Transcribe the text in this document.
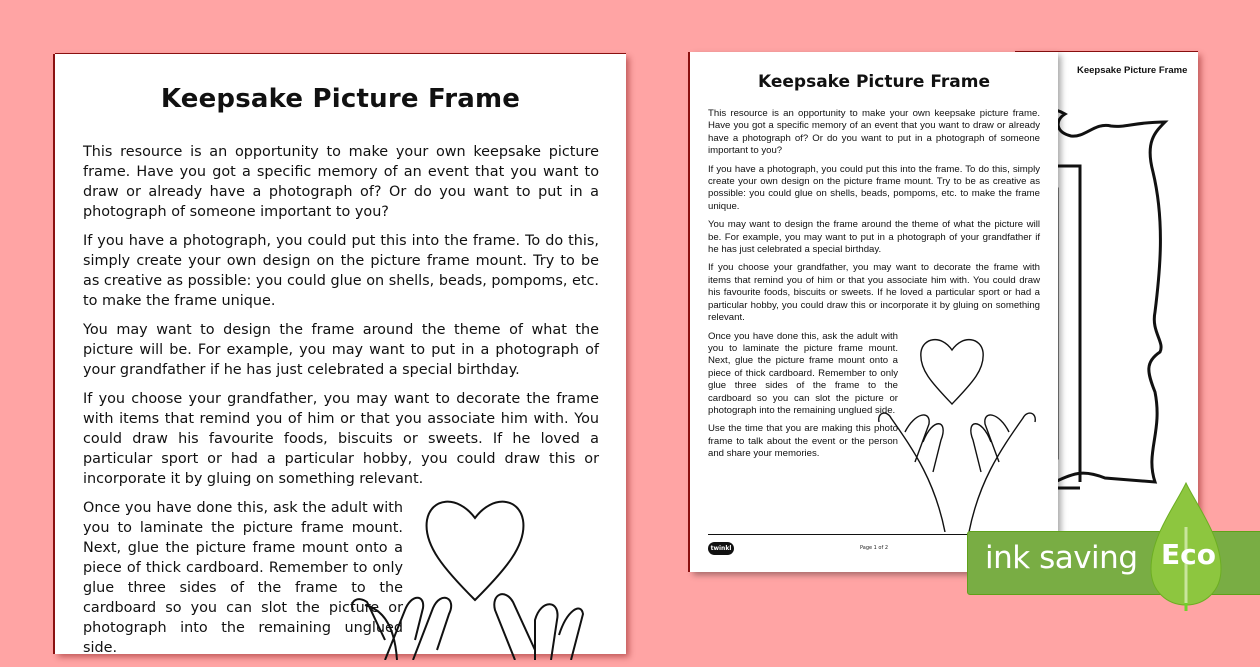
Keepsake Picture Frame

This resource is an opportunity to make your own keepsake picture frame. Have you got a specific memory of an event that you want to draw or already have a photograph of? Or do you want to put in a photograph of someone important to you?

If you have a photograph, you could put this into the frame. To do this, simply create your own design on the picture frame mount. Try to be as creative as possible: you could glue on shells, beads, pompoms, etc. to make the frame unique.

You may want to design the frame around the theme of what the picture will be. For example, you may want to put in a photograph of your grandfather if he has just celebrated a special birthday.

If you choose your grandfather, you may want to decorate the frame with items that remind you of him or that you associate him with. You could draw his favourite foods, biscuits or sweets. If he loved a particular sport or had a particular hobby, you could draw this or incorporate it by gluing on something relevant.

Once you have done this, ask the adult with you to laminate the picture frame mount. Next, glue the picture frame mount onto a piece of thick cardboard. Remember to only glue three sides of the frame to the cardboard so you can slot the picture or photograph into the remaining unglued side.

Keepsake Picture Frame
Keepsake Picture Frame

This resource is an opportunity to make your own keepsake picture frame. Have you got a specific memory of an event that you want to draw or already have a photograph of? Or do you want to put in a photograph of someone important to you?

If you have a photograph, you could put this into the frame. To do this, simply create your own design on the picture frame mount. Try to be as creative as possible: you could glue on shells, beads, pompoms, etc. to make the frame unique.

You may want to design the frame around the theme of what the picture will be. For example, you may want to put in a photograph of your grandfather if he has just celebrated a special birthday.

If you choose your grandfather, you may want to decorate the frame with items that remind you of him or that you associate him with. You could draw his favourite foods, biscuits or sweets. If he loved a particular sport or had a particular hobby, you could draw this or incorporate it by gluing on something relevant.

Once you have done this, ask the adult with you to laminate the picture frame mount. Next, glue the picture frame mount onto a piece of thick cardboard. Remember to only glue three sides of the frame to the cardboard so you can slot the picture or photograph into the remaining unglued side.

Use the time that you are making this photo frame to talk about the event or the person and share your memories.

twinkl	Page 1 of 2	ink saving Eco
